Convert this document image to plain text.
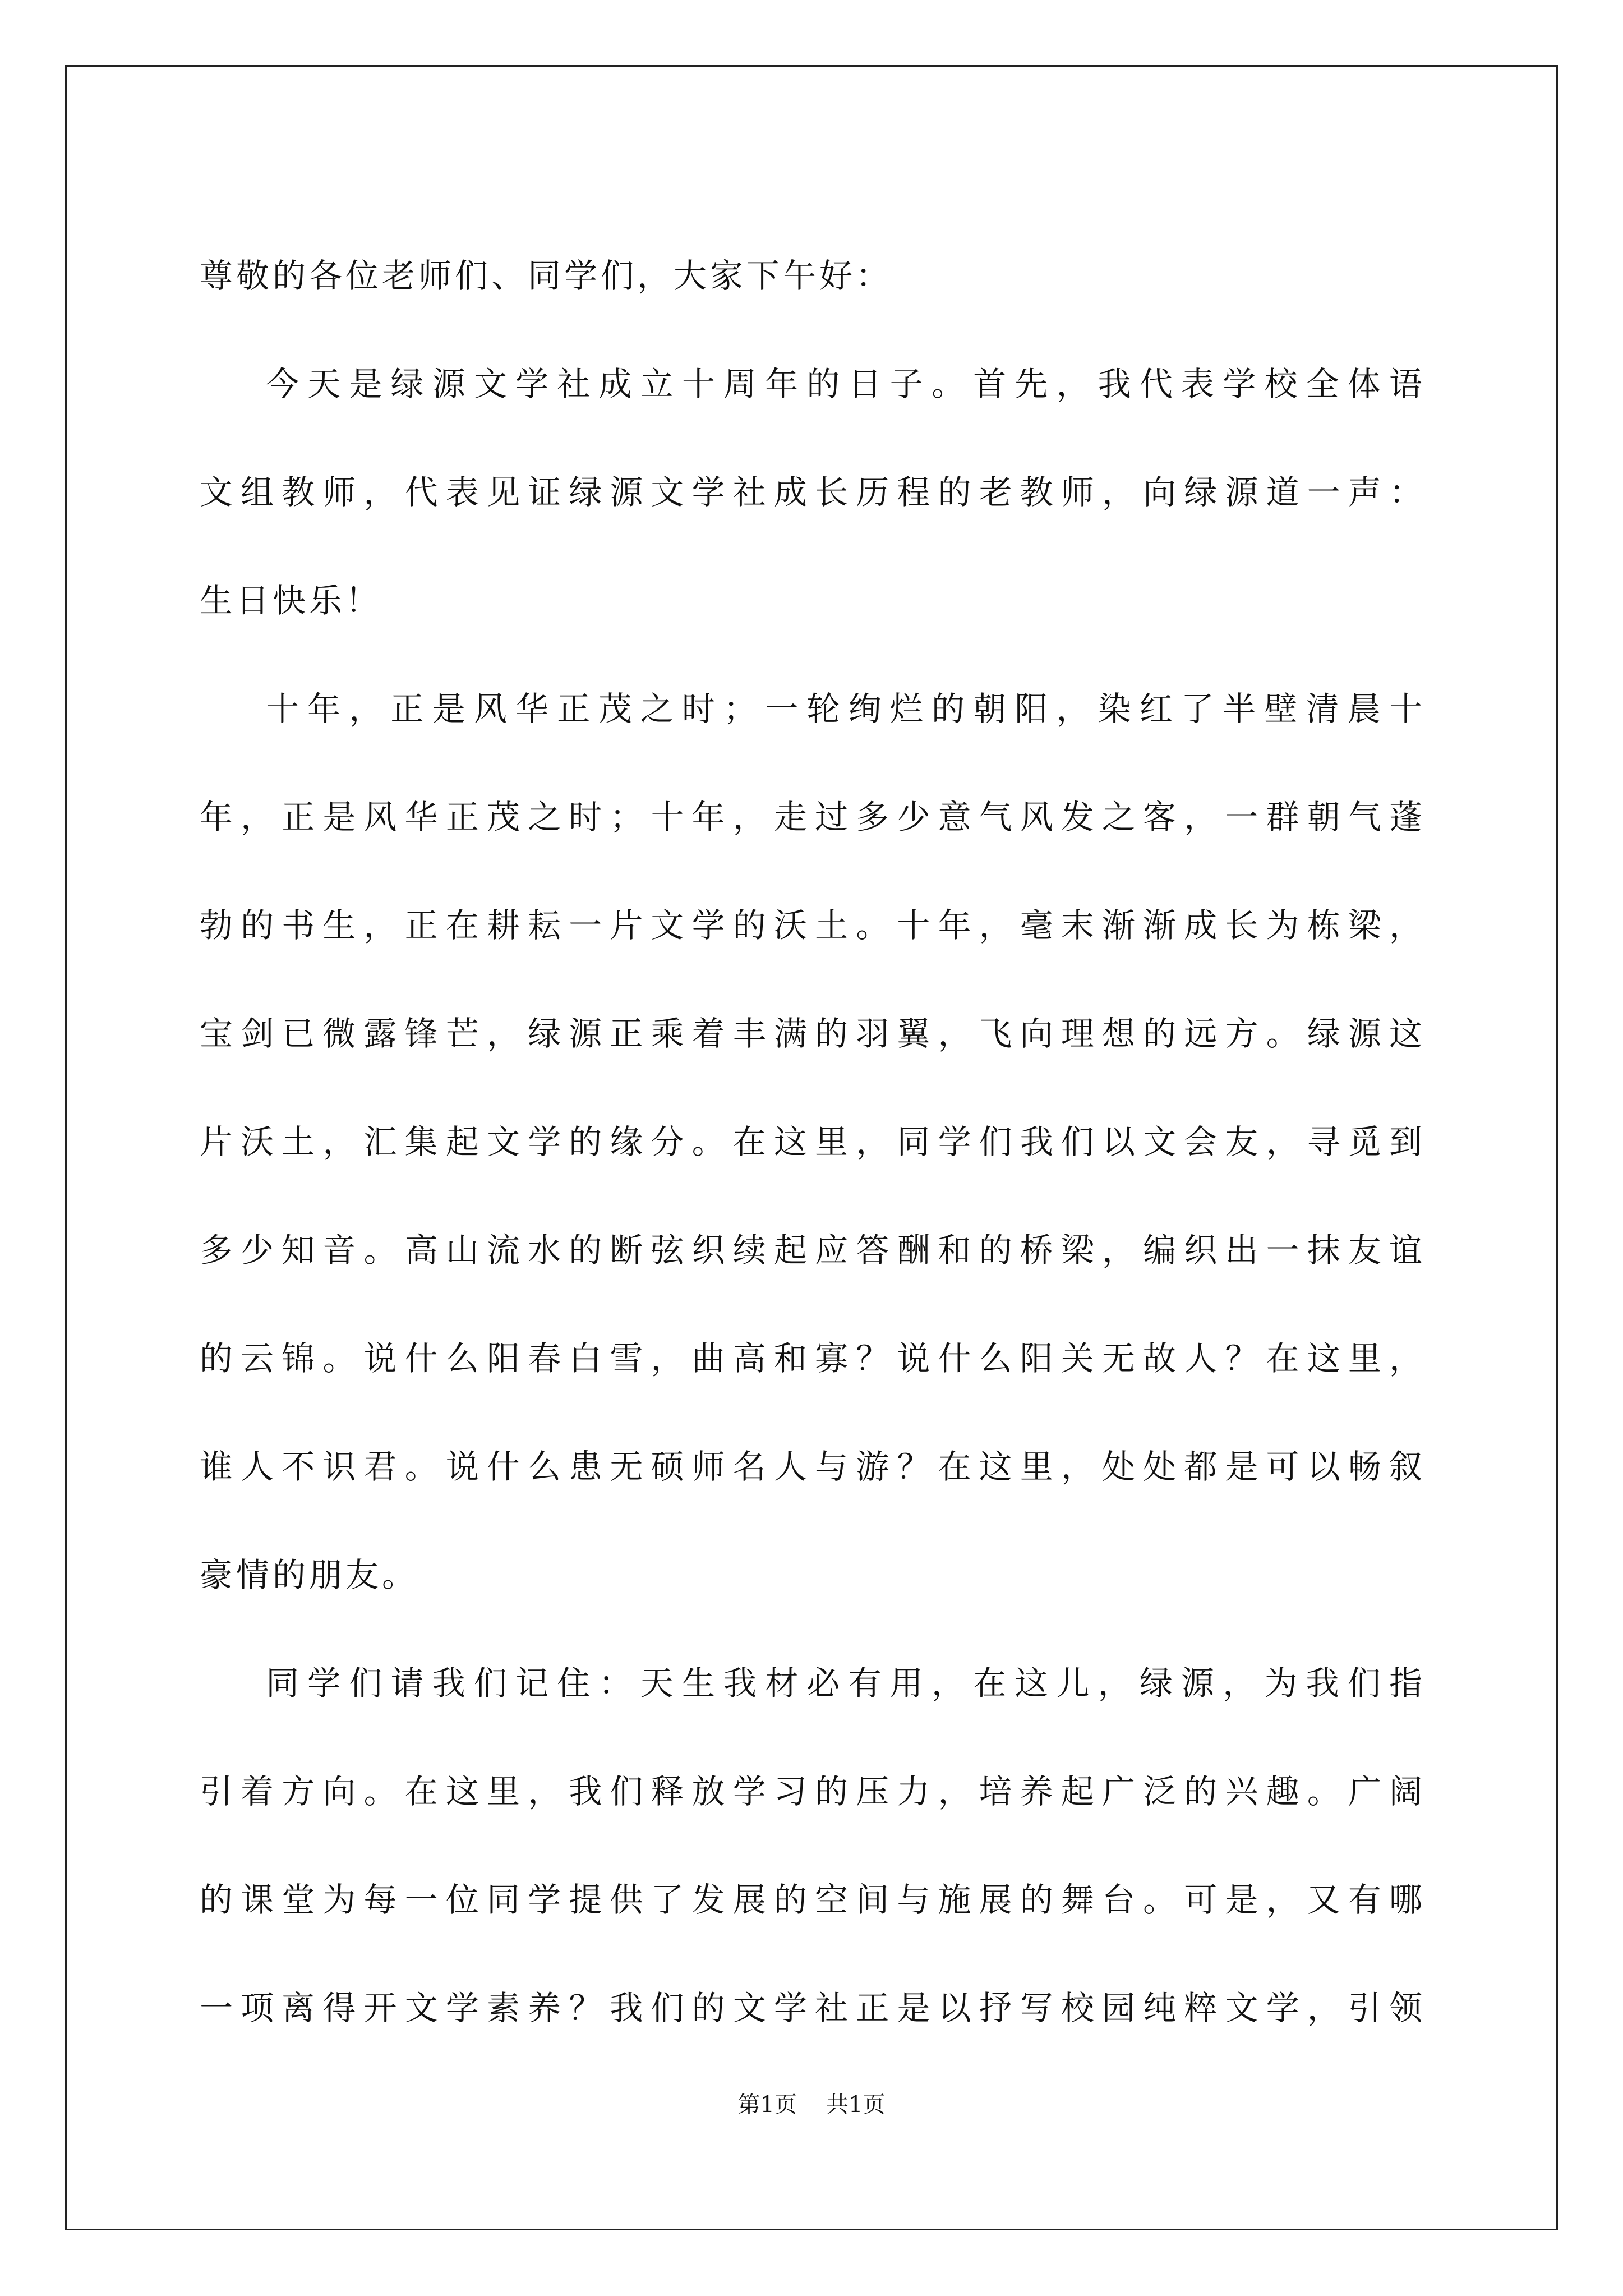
尊敬的各位老师们、同学们，大家下午好：
今天是绿源文学社成立十周年的日子。首先，我代表学校全体语
文组教师，代表见证绿源文学社成长历程的老教师，向绿源道一声：
生日快乐！
十年，正是风华正茂之时；一轮绚烂的朝阳，染红了半壁清晨十
年，正是风华正茂之时；十年，走过多少意气风发之客，一群朝气蓬
勃的书生，正在耕耘一片文学的沃土。十年，毫末渐渐成长为栋梁，
宝剑已微露锋芒，绿源正乘着丰满的羽翼，飞向理想的远方。绿源这
片沃土，汇集起文学的缘分。在这里，同学们我们以文会友，寻觅到
多少知音。高山流水的断弦织续起应答酬和的桥梁，编织出一抹友谊
的云锦。说什么阳春白雪，曲高和寡？说什么阳关无故人？在这里，
谁人不识君。说什么患无硕师名人与游？在这里，处处都是可以畅叙
豪情的朋友。
同学们请我们记住：天生我材必有用，在这儿，绿源，为我们指
引着方向。在这里，我们释放学习的压力，培养起广泛的兴趣。广阔
的课堂为每一位同学提供了发展的空间与施展的舞台。可是，又有哪
一项离得开文学素养？我们的文学社正是以抒写校园纯粹文学，引领
第1页 共1页
